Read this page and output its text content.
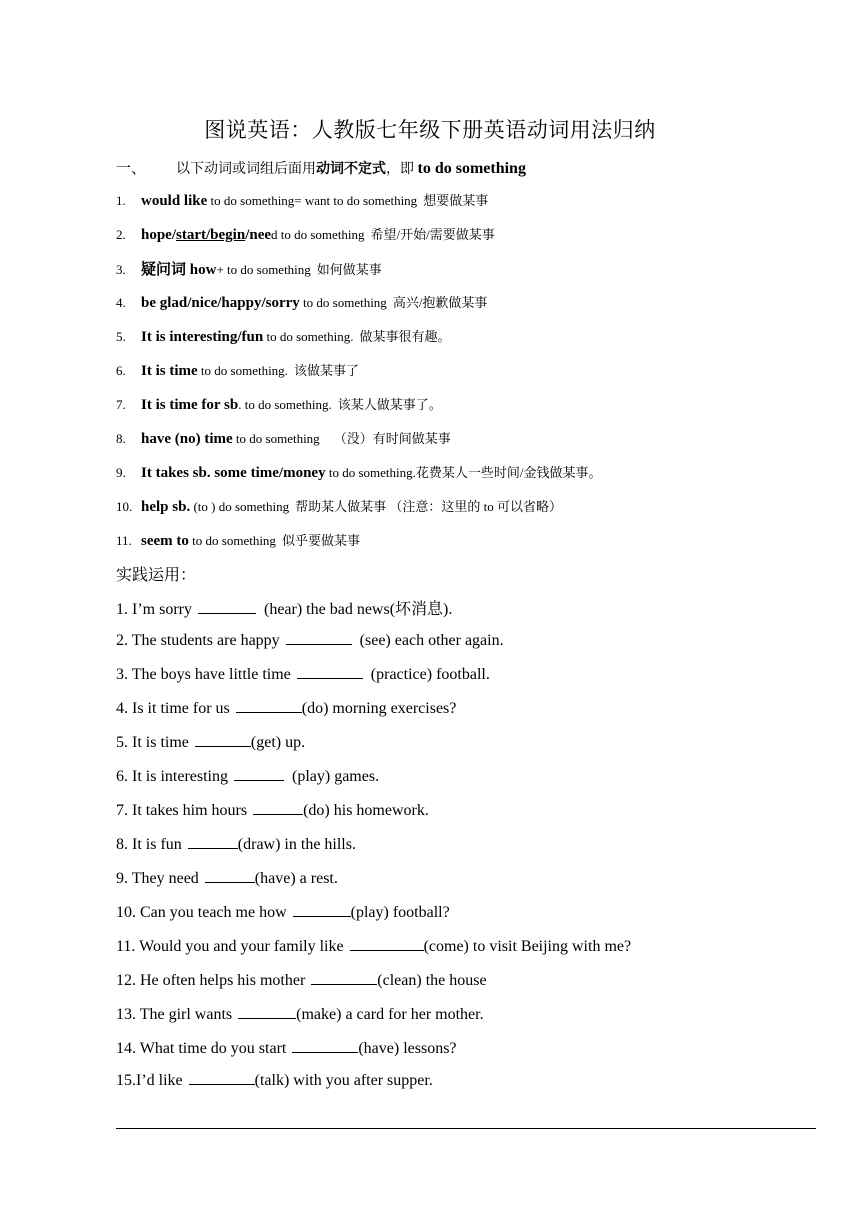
图说英语：人教版七年级下册英语动词用法归纳
一、 以下动词或词组后面用动词不定式，即 to do something
1. would like to do something= want to do something 想要做某事
2. hope/start/begin/need to do something 希望/开始/需要做某事
3. 疑问词 how+ to do something 如何做某事
4. be glad/nice/happy/sorry to do something 高兴/抱歉做某事
5. It is interesting/fun to do something. 做某事很有趣。
6. It is time to do something. 该做某事了
7. It is time for sb. to do something. 该某人做某事了。
8. have (no) time to do something （没）有时间做某事
9. It takes sb. some time/money to do something.花费某人一些时间/金钱做某事。
10. help sb. (to ) do something 帮助某人做某事 （注意：这里的 to 可以省略）
11. seem to to do something 似乎要做某事
实践运用：
1. I’m sorry	(hear) the bad news(坏消息).
2. The students are happy	(see) each other again.
3. The boys have little time	(practice) football.
4. Is it time for us	(do) morning exercises?
5. It is time	(get) up.
6. It is interesting	(play) games.
7. It takes him hours	(do) his homework.
8. It is fun	(draw) in the hills.
9. They need	(have) a rest.
10. Can you teach me how	(play) football?
11. Would you and your family like	(come) to visit Beijing with me?
12. He often helps his mother	(clean) the house
13. The girl wants	(make) a card for her mother.
14. What time do you start	(have) lessons?
15.I’d like	(talk) with you after supper.
